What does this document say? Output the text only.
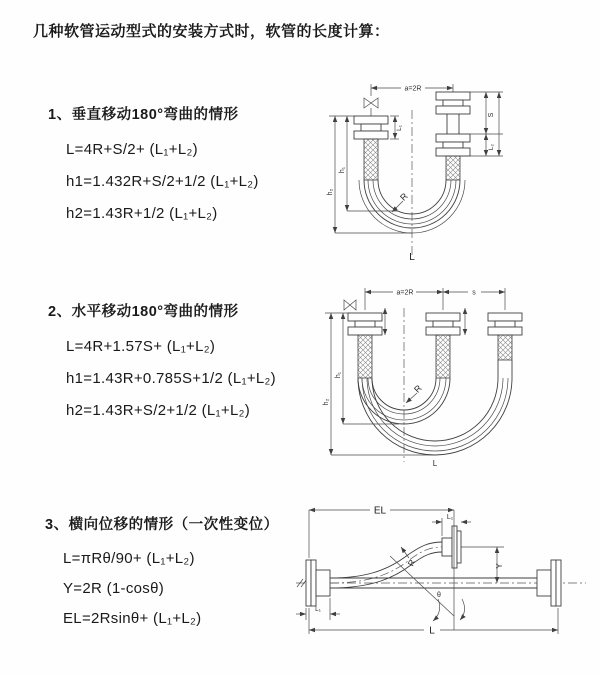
几种软管运动型式的安装方式时，软管的长度计算：
1、垂直移动180°弯曲的情形
L=4R+S/2+ (L₁+L₂)
h1=1.432R+S/2+1/2 (L₁+L₂)
h2=1.43R+1/2 (L₁+L₂)
2、水平移动180°弯曲的情形
L=4R+1.57S+ (L₁+L₂)
h1=1.43R+0.785S+1/2 (L₁+L₂)
h2=1.43R+S/2+1/2 (L₁+L₂)
3、横向位移的情形（一次性变位）
L=πRθ/90+ (L₁+L₂)
Y=2R (1-cosθ)
EL=2Rsinθ+ (L₁+L₂)
a=2R
R
L
h₁
h₂
L₁
S
L₂
a=2R	s
h₁
h₂
R
L
EL
L₁
Y
L
L₁
θ
R
